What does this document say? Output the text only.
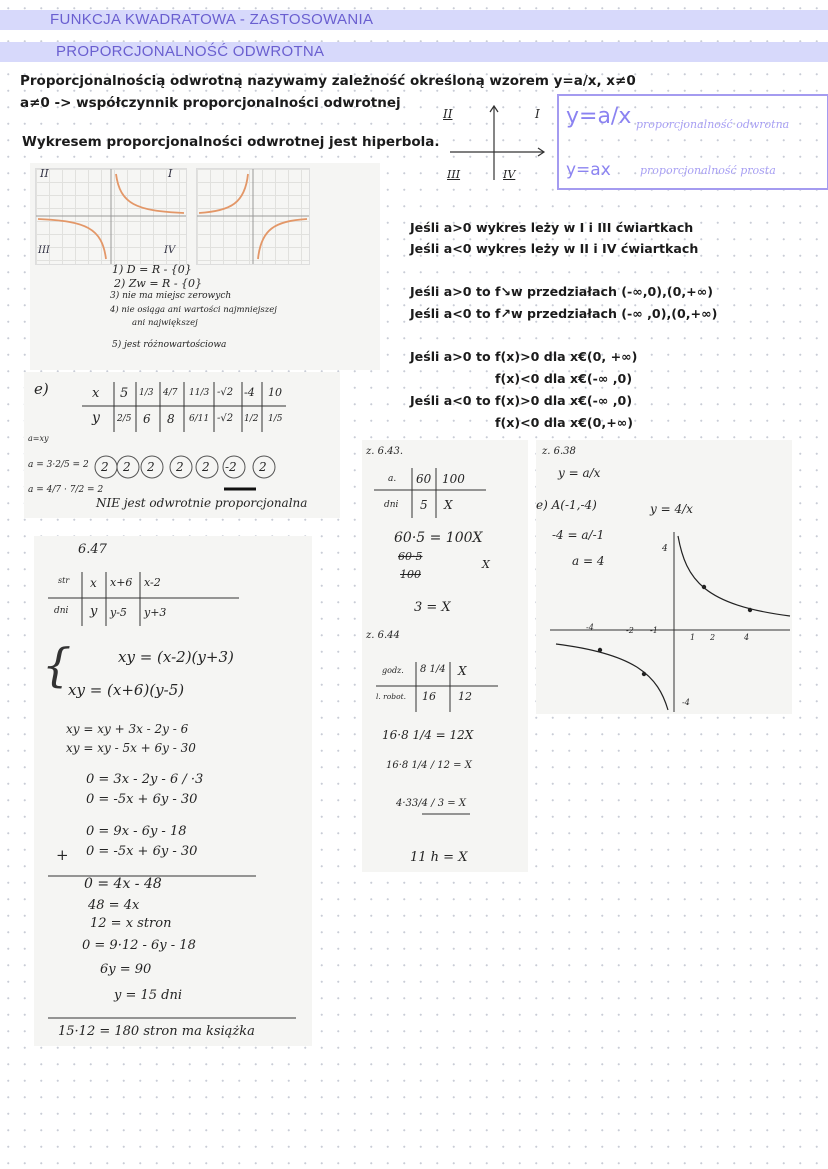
FUNKCJA KWADRATOWA - ZASTOSOWANIA
PROPORCJONALNOŚĆ ODWROTNA
Proporcjonalnością odwrotną nazywamy zależność określoną wzorem y=a/x, x≠0
a≠0 -> współczynnik proporcjonalności odwrotnej
Wykresem proporcjonalności odwrotnej jest hiperbola.
II	I
III	IV
y=a/x proporcjonalność odwrotna
y=ax	proporcjonalność prosta
II	I
III	IV
1) D = R - {0}
2) Zw = R - {0}
3) nie ma miejsc zerowych
4) nie osiąga ani wartości najmniejszej
ani największej
5) jest różnowartościowa
Jeśli a>0 wykres leży w I i III ćwiartkach
Jeśli a<0 wykres leży w II i IV ćwiartkach
Jeśli a>0 to f↘w przedziałach (-∞,0),(0,+∞)
Jeśli a<0 to f↗w przedziałach (-∞ ,0),(0,+∞)
Jeśli a>0 to f(x)>0 dla x€(0, +∞)
f(x)<0 dla x€(-∞ ,0)
Jeśli a<0 to f(x)>0 dla x€(-∞ ,0)
f(x)<0 dla x€(0,+∞)
e)	x 5 1/3 4/7 11/3 -√2 -4 10
y 2/5 6 8 6/11 -√2 1/2 1/5
a=xy
a = 3·2/5 = 2
a = 4/7 · 7/2 = 2
2 2 2 2 2 -2 2
NIE jest odwrotnie proporcjonalna
6.47
str x x+6 x-2
dni y y-5 y+3
{	xy = (x-2)(y+3)
xy = (x+6)(y-5)
xy = xy + 3x - 2y - 6
xy = xy - 5x + 6y - 30
0 = 3x - 2y - 6 / ·3
0 = -5x + 6y - 30
0 = 9x - 6y - 18
0 = -5x + 6y - 30
+
0 = 4x - 48
48 = 4x
12 = x stron
0 = 9·12 - 6y - 18
6y = 90
y = 15 dni
15·12 = 180 stron ma książka
z. 6.43.
a. 60 100
dni 5 X
60·5 = 100X
60·5
100
X
3 = X
z. 6.44
godz. 8 1/4 X
l. robot. 16 12
16·8 1/4 = 12X
16·8 1/4 / 12 = X
4·33/4 / 3 = X
11 h = X
z. 6.38
y = a/x
e) A(-1,-4)
-4 = a/-1
a = 4
y = 4/x
-4	-2 -1
1 2	4
4
-4
